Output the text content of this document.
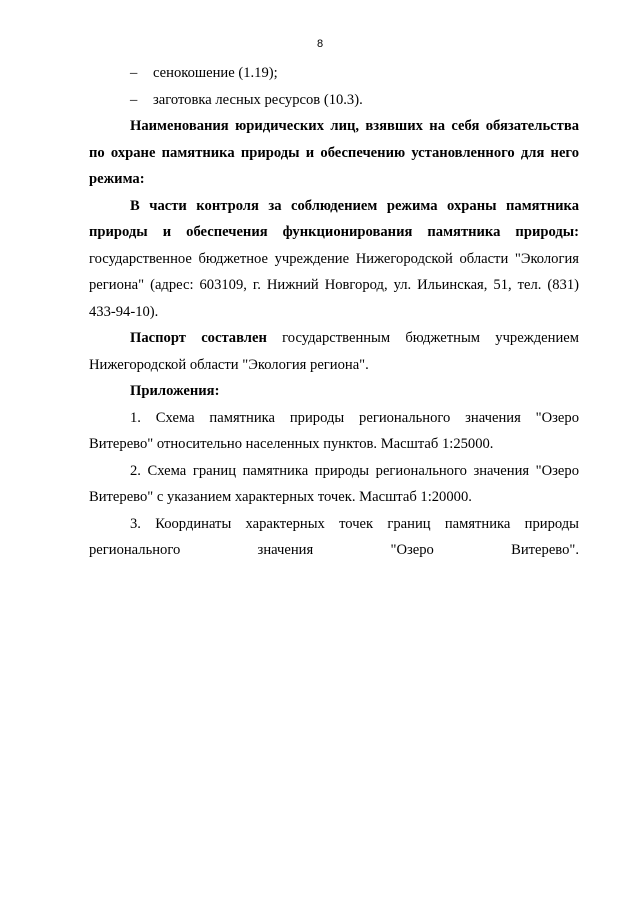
8
– сенокошение (1.19);
– заготовка лесных ресурсов (10.3).
Наименования юридических лиц, взявших на себя обязательства по охране памятника природы и обеспечению установленного для него режима:
В части контроля за соблюдением режима охраны памятника природы и обеспечения функционирования памятника природы: государственное бюджетное учреждение Нижегородской области "Экология региона" (адрес: 603109, г. Нижний Новгород, ул. Ильинская, 51, тел. (831) 433-94-10).
Паспорт составлен государственным бюджетным учреждением Нижегородской области "Экология региона".
Приложения:
1. Схема памятника природы регионального значения "Озеро Витерево" относительно населенных пунктов. Масштаб 1:25000.
2. Схема границ памятника природы регионального значения "Озеро Витерево" с указанием характерных точек. Масштаб 1:20000.
3. Координаты характерных точек границ памятника природы регионального значения "Озеро Витерево".
